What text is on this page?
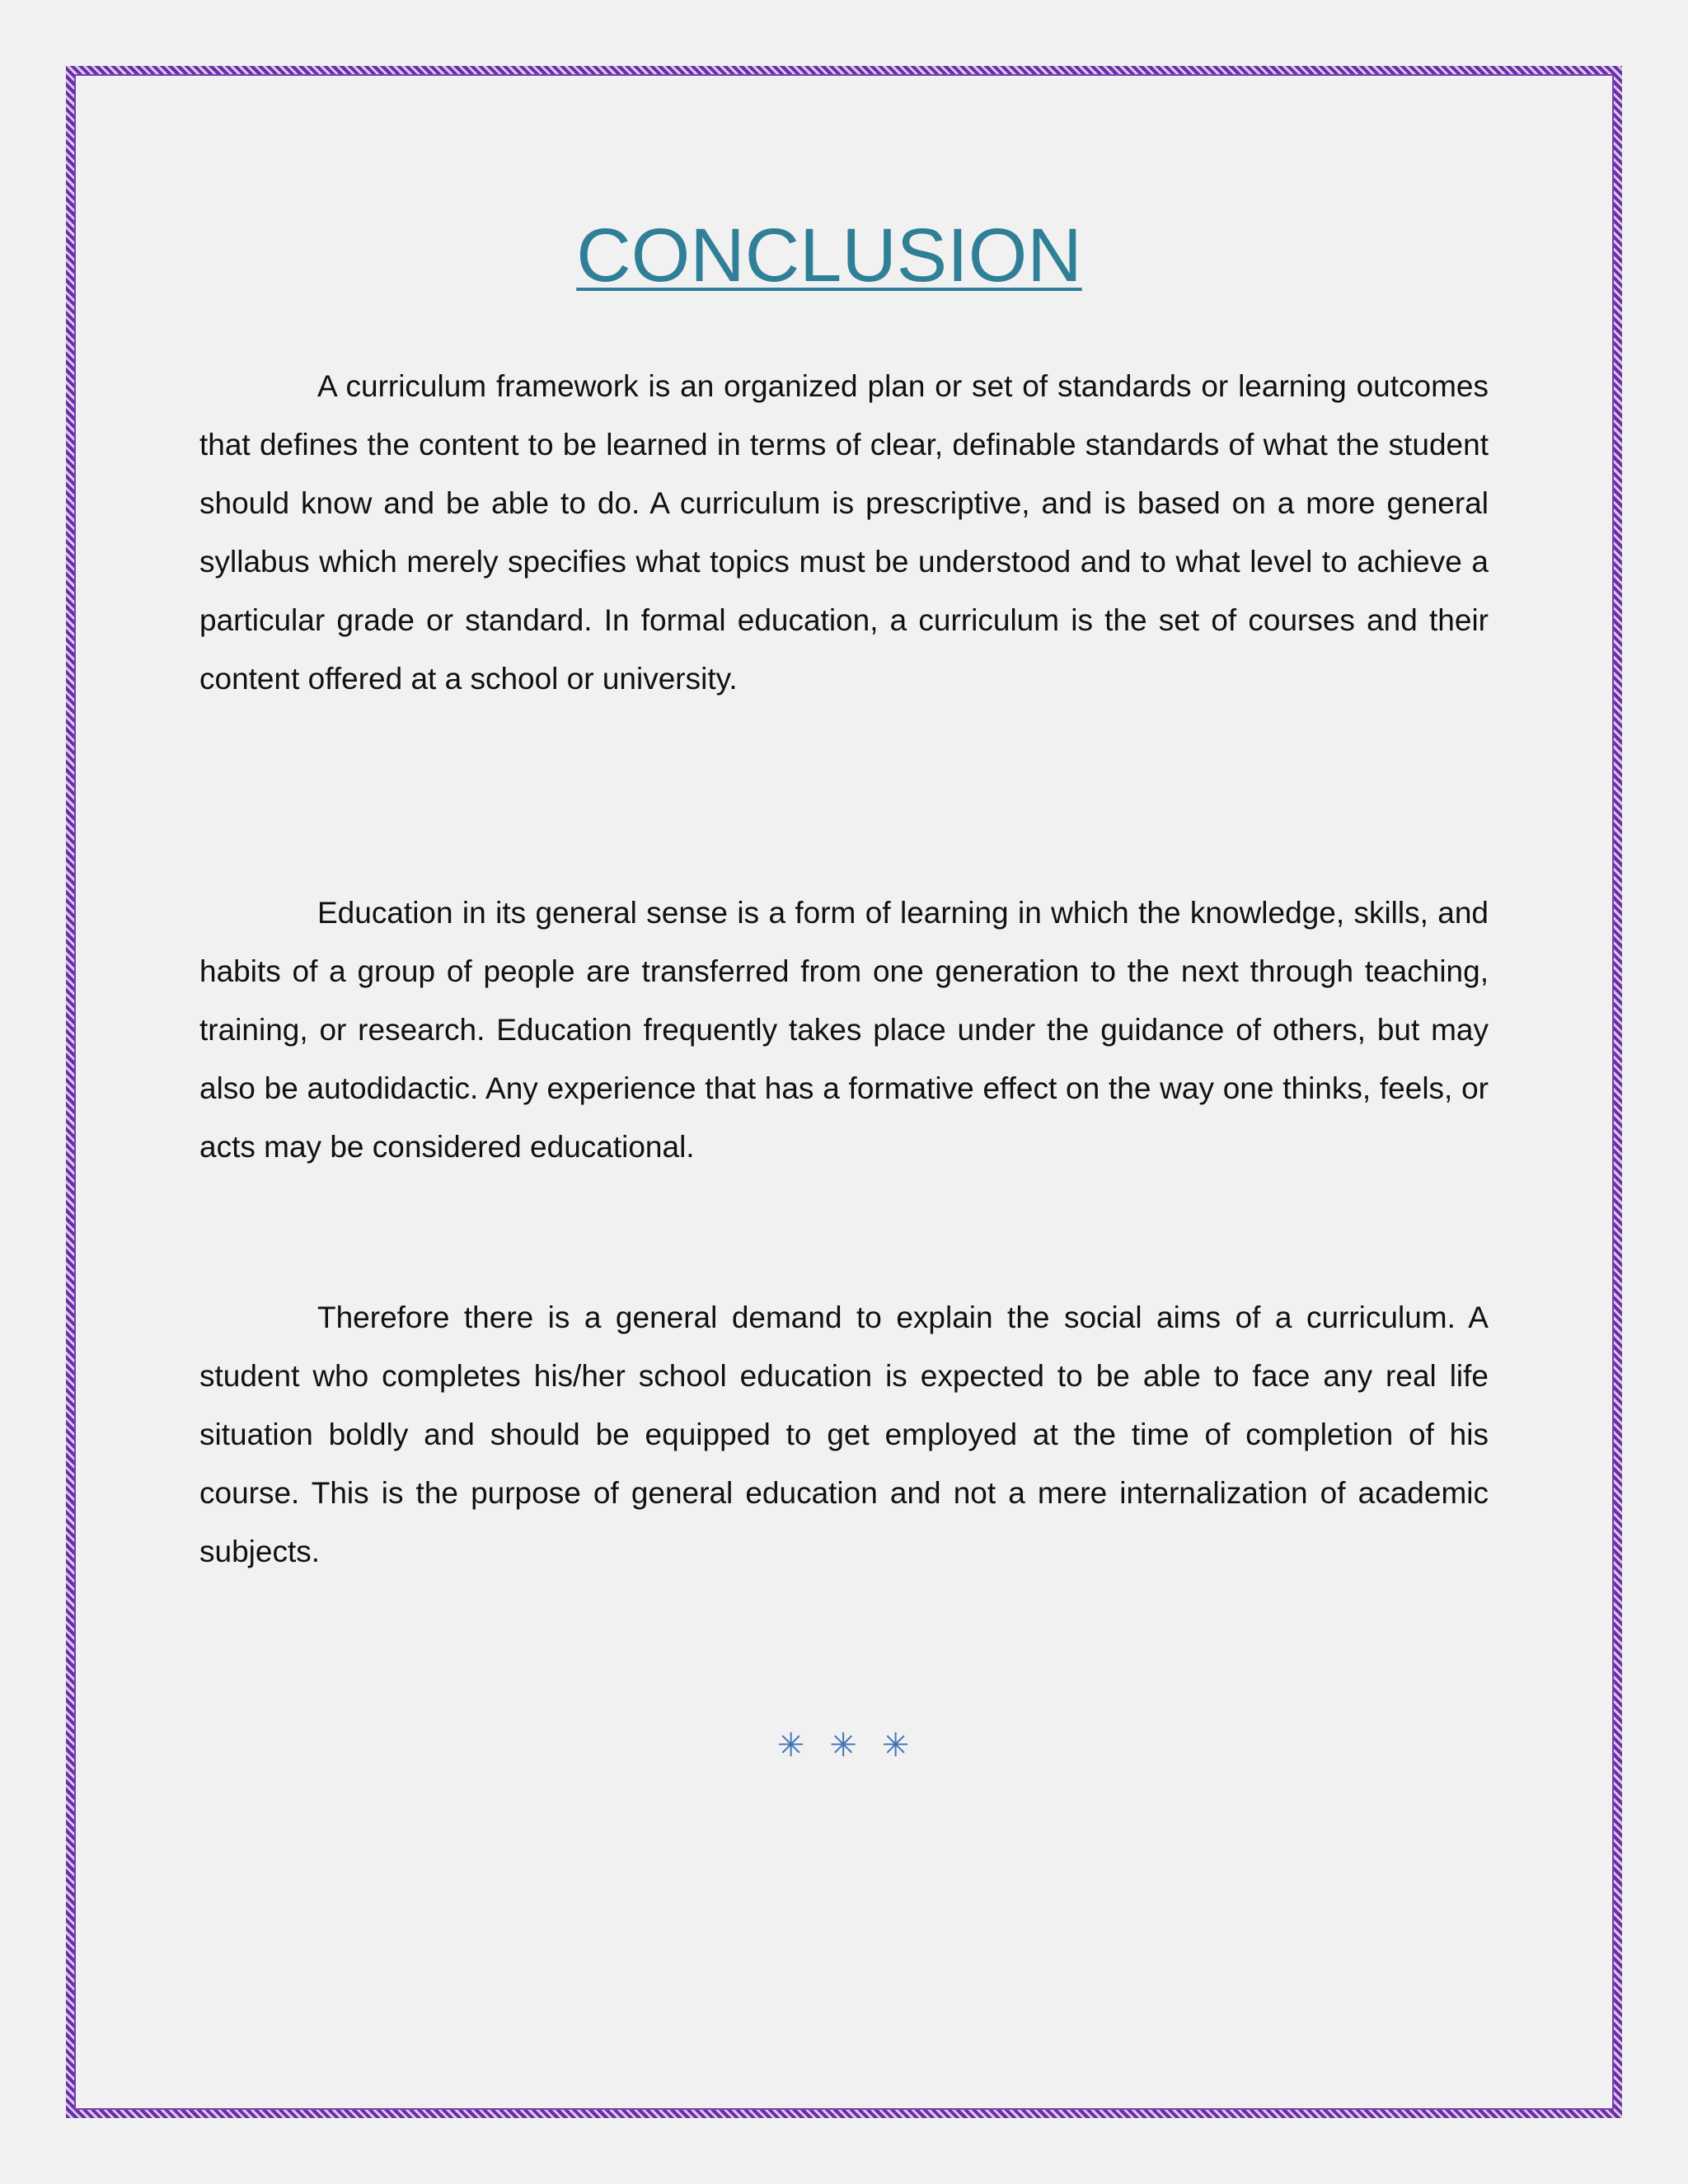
CONCLUSION

A curriculum framework is an organized plan or set of standards or learning outcomes that defines the content to be learned in terms of clear, definable standards of what the student should know and be able to do. A curriculum is prescriptive, and is based on a more general syllabus which merely specifies what topics must be understood and to what level to achieve a particular grade or standard. In formal education, a curriculum is the set of courses and their content offered at a school or university.

Education in its general sense is a form of learning in which the knowledge, skills, and habits of a group of people are transferred from one generation to the next through teaching, training, or research. Education frequently takes place under the guidance of others, but may also be autodidactic. Any experience that has a formative effect on the way one thinks, feels, or acts may be considered educational.

Therefore there is a general demand to explain the social aims of a curriculum. A student who completes his/her school education is expected to be able to face any real life situation boldly and should be equipped to get employed at the time of completion of his course. This is the purpose of general education and not a mere internalization of academic subjects.

✳✳✳
